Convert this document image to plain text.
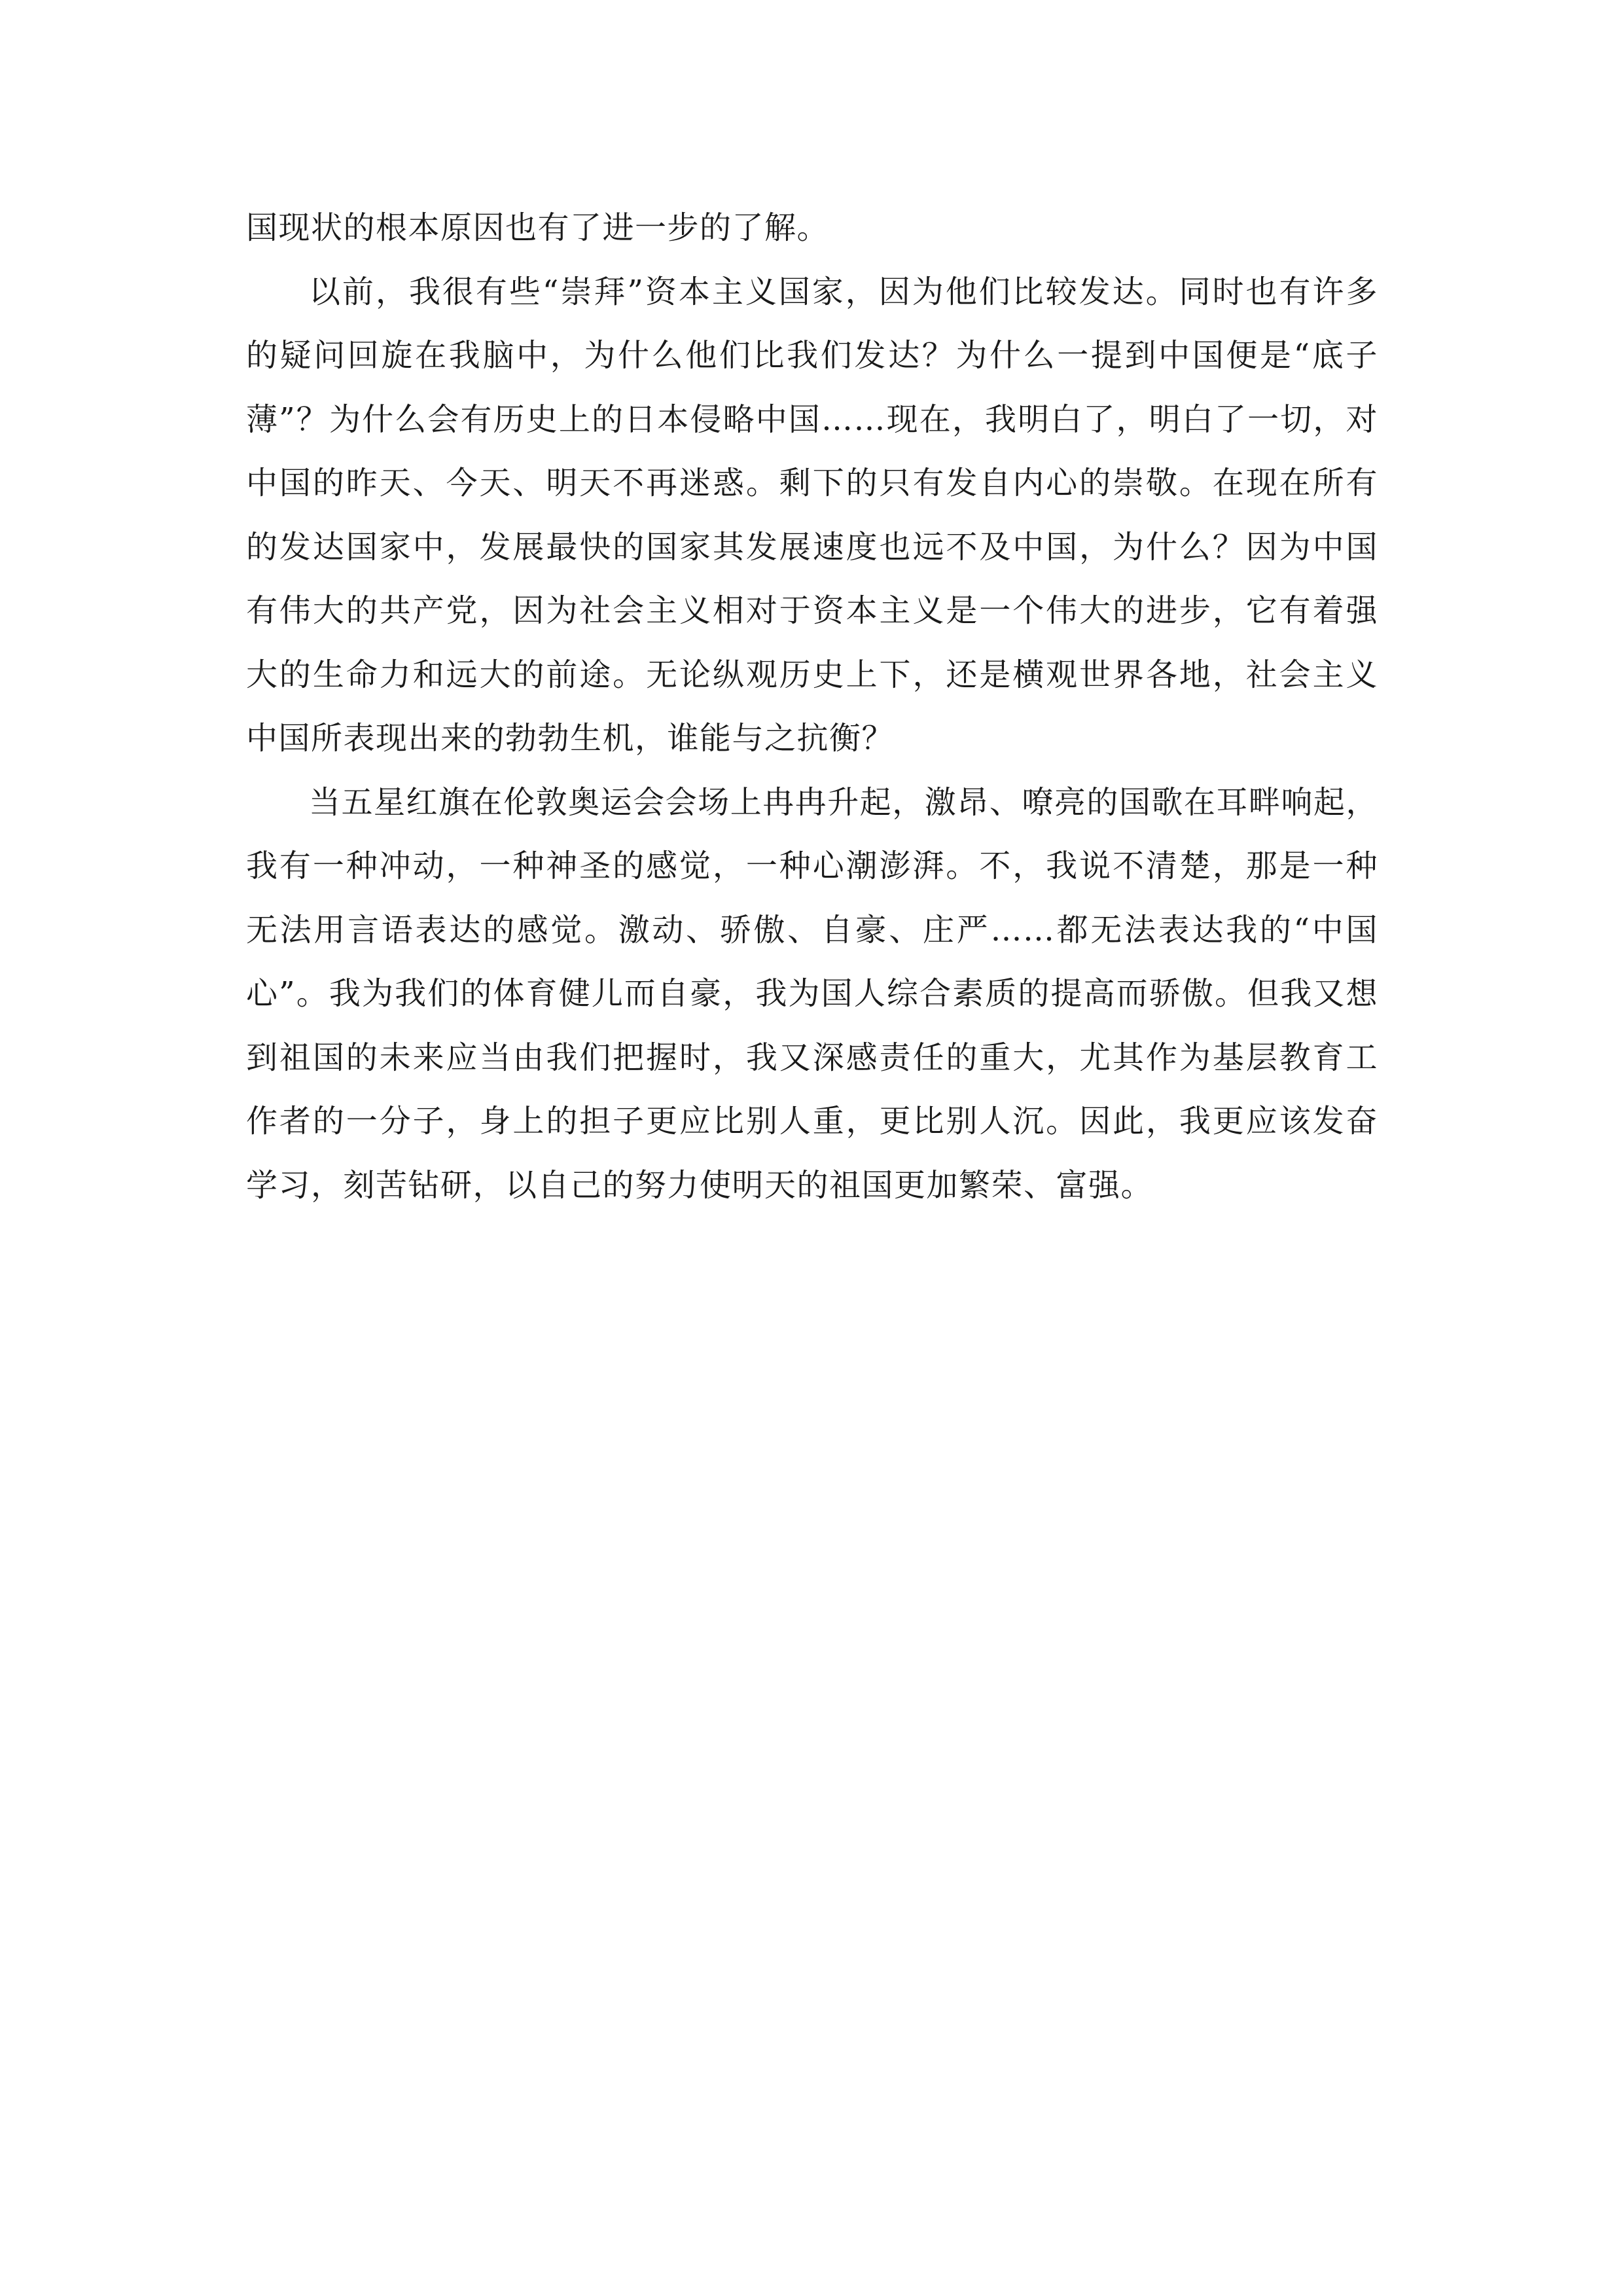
国现状的根本原因也有了进一步的了解。

以前，我很有些“崇拜”资本主义国家，因为他们比较发达。同时也有许多的疑问回旋在我脑中，为什么他们比我们发达？为什么一提到中国便是“底子薄”？为什么会有历史上的日本侵略中国……现在，我明白了，明白了一切，对中国的昨天、今天、明天不再迷惑。剩下的只有发自内心的崇敬。在现在所有的发达国家中，发展最快的国家其发展速度也远不及中国，为什么？因为中国有伟大的共产党，因为社会主义相对于资本主义是一个伟大的进步，它有着强大的生命力和远大的前途。无论纵观历史上下，还是横观世界各地，社会主义中国所表现出来的勃勃生机，谁能与之抗衡？

当五星红旗在伦敦奥运会会场上冉冉升起，激昂、嘹亮的国歌在耳畔响起，我有一种冲动，一种神圣的感觉，一种心潮澎湃。不，我说不清楚，那是一种无法用言语表达的感觉。激动、骄傲、自豪、庄严……都无法表达我的“中国心”。我为我们的体育健儿而自豪，我为国人综合素质的提高而骄傲。但我又想到祖国的未来应当由我们把握时，我又深感责任的重大，尤其作为基层教育工作者的一分子，身上的担子更应比别人重，更比别人沉。因此，我更应该发奋学习，刻苦钻研，以自己的努力使明天的祖国更加繁荣、富强。
